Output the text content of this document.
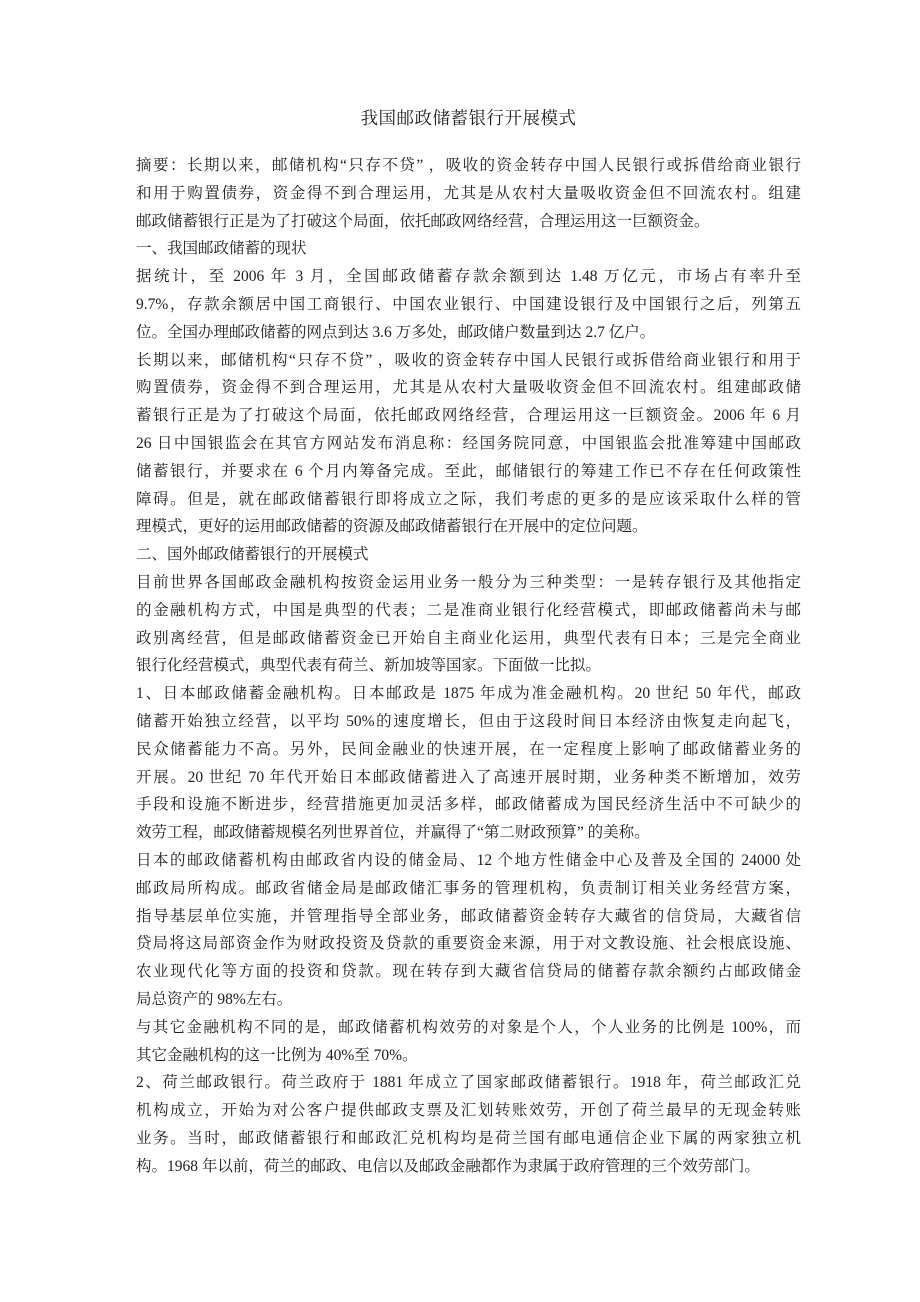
我国邮政储蓄银行开展模式
摘要：长期以来，邮储机构“只存不贷” ，吸收的资金转存中国人民银行或拆借给商业银行
和用于购置债券，资金得不到合理运用，尤其是从农村大量吸收资金但不回流农村。组建
邮政储蓄银行正是为了打破这个局面，依托邮政网络经营，合理运用这一巨额资金。
一、我国邮政储蓄的现状
据统计，至 2006 年 3 月，全国邮政储蓄存款余额到达 1.48 万亿元，市场占有率升至
9.7%，存款余额居中国工商银行、中国农业银行、中国建设银行及中国银行之后，列第五
位。全国办理邮政储蓄的网点到达 3.6 万多处，邮政储户数量到达 2.7 亿户。
长期以来，邮储机构“只存不贷” ，吸收的资金转存中国人民银行或拆借给商业银行和用于
购置债券，资金得不到合理运用，尤其是从农村大量吸收资金但不回流农村。组建邮政储
蓄银行正是为了打破这个局面，依托邮政网络经营，合理运用这一巨额资金。2006 年 6 月
26 日中国银监会在其官方网站发布消息称：经国务院同意，中国银监会批准筹建中国邮政
储蓄银行，并要求在 6 个月内筹备完成。至此，邮储银行的筹建工作已不存在任何政策性
障碍。但是，就在邮政储蓄银行即将成立之际，我们考虑的更多的是应该采取什么样的管
理模式，更好的运用邮政储蓄的资源及邮政储蓄银行在开展中的定位问题。
二、国外邮政储蓄银行的开展模式
目前世界各国邮政金融机构按资金运用业务一般分为三种类型：一是转存银行及其他指定
的金融机构方式，中国是典型的代表；二是准商业银行化经营模式，即邮政储蓄尚未与邮
政别离经营，但是邮政储蓄资金已开始自主商业化运用，典型代表有日本；三是完全商业
银行化经营模式，典型代表有荷兰、新加坡等国家。下面做一比拟。
1、日本邮政储蓄金融机构。日本邮政是 1875 年成为准金融机构。20 世纪 50 年代，邮政
储蓄开始独立经营，以平均 50%的速度增长，但由于这段时间日本经济由恢复走向起飞，
民众储蓄能力不高。另外，民间金融业的快速开展，在一定程度上影响了邮政储蓄业务的
开展。20 世纪 70 年代开始日本邮政储蓄进入了高速开展时期，业务种类不断增加，效劳
手段和设施不断进步，经营措施更加灵活多样，邮政储蓄成为国民经济生活中不可缺少的
效劳工程，邮政储蓄规模名列世界首位，并赢得了“第二财政预算” 的美称。
日本的邮政储蓄机构由邮政省内设的储金局、12 个地方性储金中心及普及全国的 24000 处
邮政局所构成。邮政省储金局是邮政储汇事务的管理机构，负责制订相关业务经营方案，
指导基层单位实施，并管理指导全部业务，邮政储蓄资金转存大藏省的信贷局，大藏省信
贷局将这局部资金作为财政投资及贷款的重要资金来源，用于对文教设施、社会根底设施、
农业现代化等方面的投资和贷款。现在转存到大藏省信贷局的储蓄存款余额约占邮政储金
局总资产的 98%左右。
与其它金融机构不同的是，邮政储蓄机构效劳的对象是个人，个人业务的比例是 100%，而
其它金融机构的这一比例为 40%至 70%。
2、荷兰邮政银行。荷兰政府于 1881 年成立了国家邮政储蓄银行。1918 年，荷兰邮政汇兑
机构成立，开始为对公客户提供邮政支票及汇划转账效劳，开创了荷兰最早的无现金转账
业务。当时，邮政储蓄银行和邮政汇兑机构均是荷兰国有邮电通信企业下属的两家独立机
构。1968 年以前，荷兰的邮政、电信以及邮政金融都作为隶属于政府管理的三个效劳部门。
